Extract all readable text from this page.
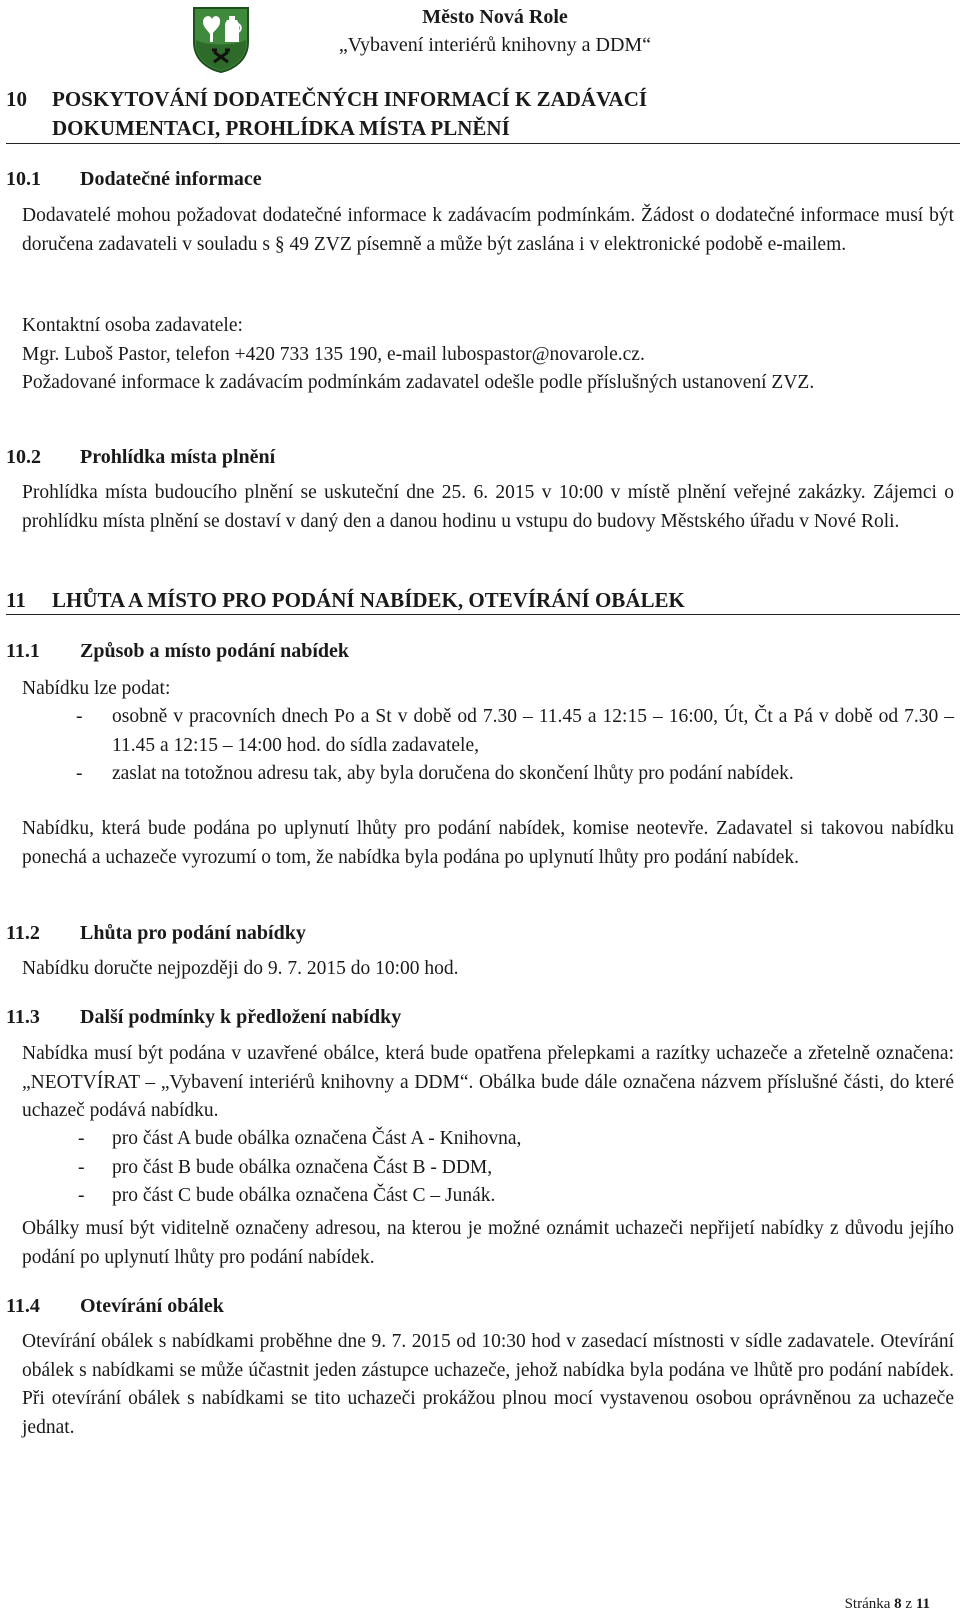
Město Nová Role
„Vybavení interiérů knihovny a DDM“
10 POSKYTOVÁNÍ DODATEČNÝCH INFORMACÍ K ZADÁVACÍ
DOKUMENTACI, PROHLÍDKA MÍSTA PLNĚNÍ
10.1 Dodatečné informace

Dodavatelé mohou požadovat dodatečné informace k zadávacím podmínkám. Žádost o dodatečné informace musí být doručena zadavateli v souladu s § 49 ZVZ písemně a může být zaslána i v elektronické podobě e-mailem.

Kontaktní osoba zadavatele:

Mgr. Luboš Pastor, telefon +420 733 135 190, e-mail lubospastor@novarole.cz.

Požadované informace k zadávacím podmínkám zadavatel odešle podle příslušných ustanovení ZVZ.

10.2 Prohlídka místa plnění

Prohlídka místa budoucího plnění se uskuteční dne 25. 6. 2015 v 10:00 v místě plnění veřejné zakázky. Zájemci o prohlídku místa plnění se dostaví v daný den a danou hodinu u vstupu do budovy Městského úřadu v Nové Roli.

11 LHŮTA A MÍSTO PRO PODÁNÍ NABÍDEK, OTEVÍRÁNÍ OBÁLEK
11.1 Způsob a místo podání nabídek

Nabídku lze podat:

-	osobně v pracovních dnech Po a St v době od 7.30 – 11.45 a 12:15 – 16:00, Út, Čt a Pá v době od 7.30 – 11.45 a 12:15 – 14:00 hod. do sídla zadavatele,
-	zaslat na totožnou adresu tak, aby byla doručena do skončení lhůty pro podání nabídek.

Nabídku, která bude podána po uplynutí lhůty pro podání nabídek, komise neotevře. Zadavatel si takovou nabídku ponechá a uchazeče vyrozumí o tom, že nabídka byla podána po uplynutí lhůty pro podání nabídek.

11.2 Lhůta pro podání nabídky

Nabídku doručte nejpozději do 9. 7. 2015 do 10:00 hod.

11.3 Další podmínky k předložení nabídky

Nabídka musí být podána v uzavřené obálce, která bude opatřena přelepkami a razítky uchazeče a zřetelně označena: „NEOTVÍRAT – „Vybavení interiérů knihovny a DDM“. Obálka bude dále označena názvem příslušné části, do které uchazeč podává nabídku.

-	pro část A bude obálka označena Část A - Knihovna,
-	pro část B bude obálka označena Část B - DDM,
-	pro část C bude obálka označena Část C – Junák.

Obálky musí být viditelně označeny adresou, na kterou je možné oznámit uchazeči nepřijetí nabídky z důvodu jejího podání po uplynutí lhůty pro podání nabídek.

11.4 Otevírání obálek

Otevírání obálek s nabídkami proběhne dne 9. 7. 2015 od 10:30 hod v zasedací místnosti v sídle zadavatele. Otevírání obálek s nabídkami se může účastnit jeden zástupce uchazeče, jehož nabídka byla podána ve lhůtě pro podání nabídek. Při otevírání obálek s nabídkami se tito uchazeči prokážou plnou mocí vystavenou osobou oprávněnou za uchazeče jednat.

Stránka 8 z 11
